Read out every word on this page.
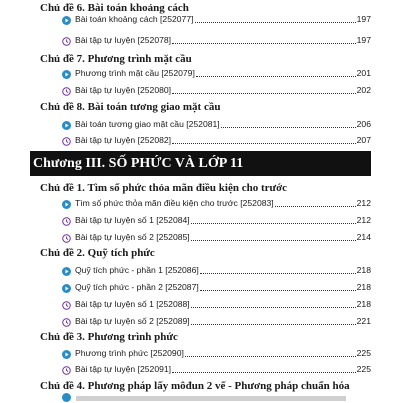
Chủ đề 6. Bài toán khoảng cách
Bài toán khoảng cách [252077]	197
Bài tập tự luyện [252078]	197
Chủ đề 7. Phương trình mặt cầu
Phương trình mặt cầu [252079]	201
Bài tập tự luyện [252080]	202
Chủ đề 8. Bài toán tương giao mặt cầu
Bài toán tương giao mặt cầu [252081]	206
Bài tập tự luyện [252082]	207
Chương III. SỐ PHỨC VÀ LỚP 11
Chủ đề 1. Tìm số phức thỏa mãn điều kiện cho trước
Tìm số phức thỏa mãn điều kiện cho trước [252083]	212
Bài tập tự luyện số 1 [252084]	212
Bài tập tự luyện số 2 [252085]	214
Chủ đề 2. Quỹ tích phức
Quỹ tích phức - phần 1 [252086]	218
Quỹ tích phức - phần 2 [252087]	218
Bài tập tự luyện số 1 [252088]	218
Bài tập tự luyện số 2 [252089]	221
Chủ đề 3. Phương trình phức
Phương trình phức [252090]	225
Bài tập tự luyện [252091]	225
Chủ đề 4. Phương pháp lấy môđun 2 vế - Phương pháp chuẩn hóa
